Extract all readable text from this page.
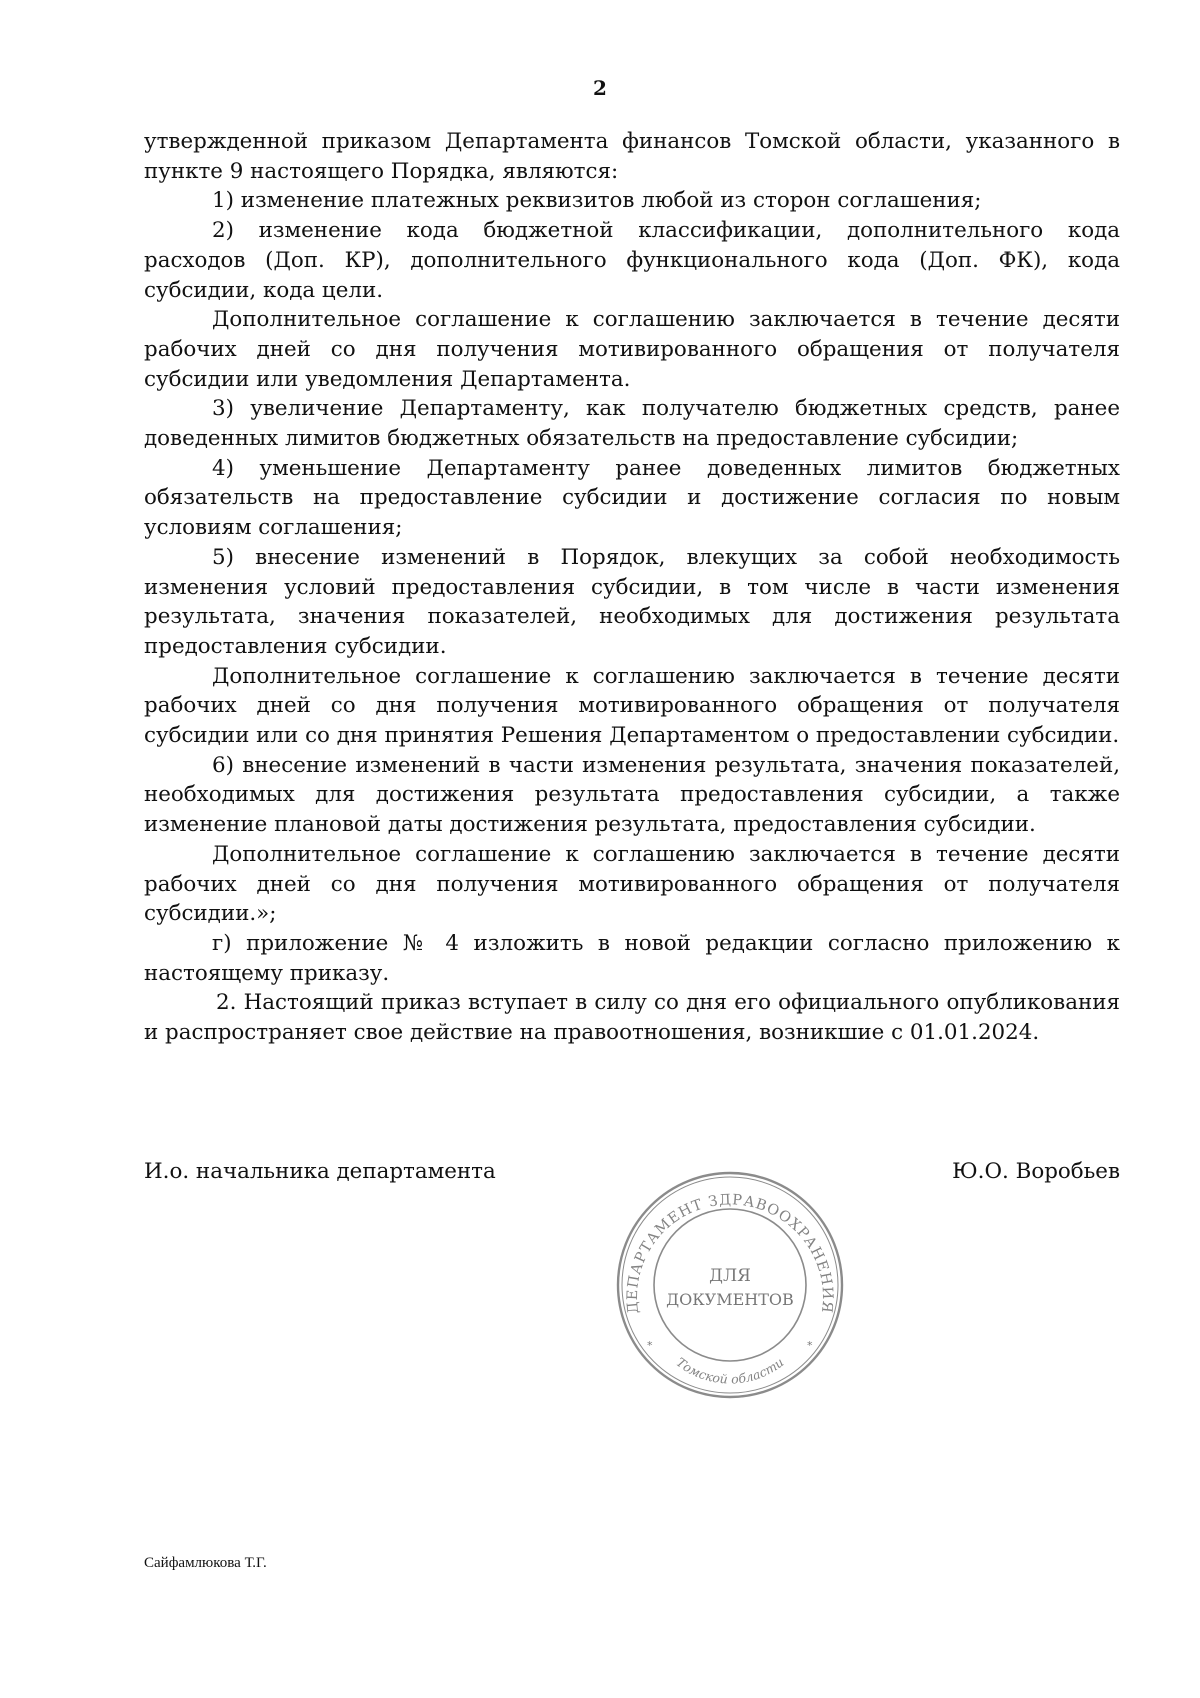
2

утвержденной приказом Департамента финансов Томской области, указанного в пункте 9 настоящего Порядка, являются:

1) изменение платежных реквизитов любой из сторон соглашения;

2) изменение кода бюджетной классификации, дополнительного кода расходов (Доп. КР), дополнительного функционального кода (Доп. ФК), кода субсидии, кода цели.

Дополнительное соглашение к соглашению заключается в течение десяти рабочих дней со дня получения мотивированного обращения от получателя субсидии или уведомления Департамента.

3) увеличение Департаменту, как получателю бюджетных средств, ранее доведенных лимитов бюджетных обязательств на предоставление субсидии;

4) уменьшение Департаменту ранее доведенных лимитов бюджетных обязательств на предоставление субсидии и достижение согласия по новым условиям соглашения;

5) внесение изменений в Порядок, влекущих за собой необходимость изменения условий предоставления субсидии, в том числе в части изменения результата, значения показателей, необходимых для достижения результата предоставления субсидии.

Дополнительное соглашение к соглашению заключается в течение десяти рабочих дней со дня получения мотивированного обращения от получателя субсидии или со дня принятия Решения Департаментом о предоставлении субсидии.

6) внесение изменений в части изменения результата, значения показателей, необходимых для достижения результата предоставления субсидии, а также изменение плановой даты достижения результата, предоставления субсидии.

Дополнительное соглашение к соглашению заключается в течение десяти рабочих дней со дня получения мотивированного обращения от получателя субсидии.»;

г) приложение № 4 изложить в новой редакции согласно приложению к настоящему приказу.

2. Настоящий приказ вступает в силу со дня его официального опубликования и распространяет свое действие на правоотношения, возникшие с 01.01.2024.

И.о. начальника департамента	Ю.О. Воробьев
ДЕПАРТАМЕНТ ЗДРАВООХРАНЕНИЯ
Томской области
*	*
ДЛЯ
ДОКУМЕНТОВ
Сайфамлюкова Т.Г.
